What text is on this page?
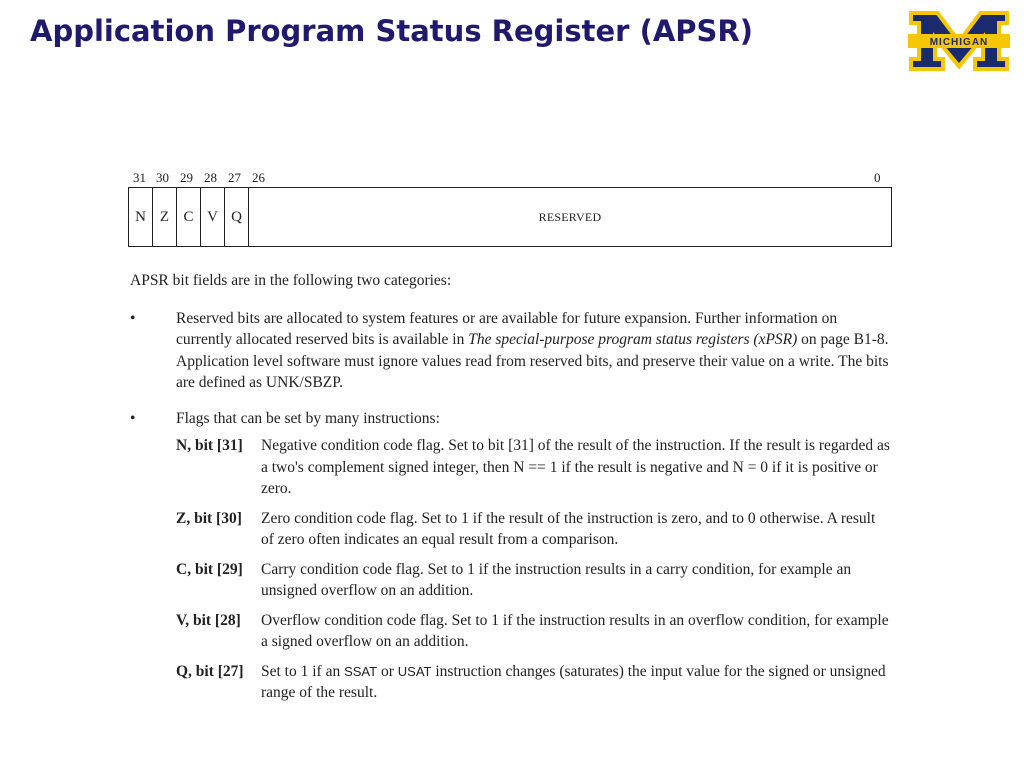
Application Program Status Register (APSR)	MICHIGAN
31 30 29 28 27 26	0
N Z C V Q	RESERVED

APSR bit fields are in the following two categories:

•	Reserved bits are allocated to system features or are available for future expansion. Further information on currently allocated reserved bits is available in The special-purpose program status registers (xPSR) on page B1-8. Application level software must ignore values read from reserved bits, and preserve their value on a write. The bits are defined as UNK/SBZP.

•	Flags that can be set by many instructions:

N, bit [31]	Negative condition code flag. Set to bit [31] of the result of the instruction. If the result is regarded as a two's complement signed integer, then N == 1 if the result is negative and N = 0 if it is positive or zero.
Z, bit [30]	Zero condition code flag. Set to 1 if the result of the instruction is zero, and to 0 otherwise. A result of zero often indicates an equal result from a comparison.
C, bit [29]	Carry condition code flag. Set to 1 if the instruction results in a carry condition, for example an unsigned overflow on an addition.
V, bit [28]	Overflow condition code flag. Set to 1 if the instruction results in an overflow condition, for example a signed overflow on an addition.
Q, bit [27]	Set to 1 if an SSAT or USAT instruction changes (saturates) the input value for the signed or unsigned range of the result.
